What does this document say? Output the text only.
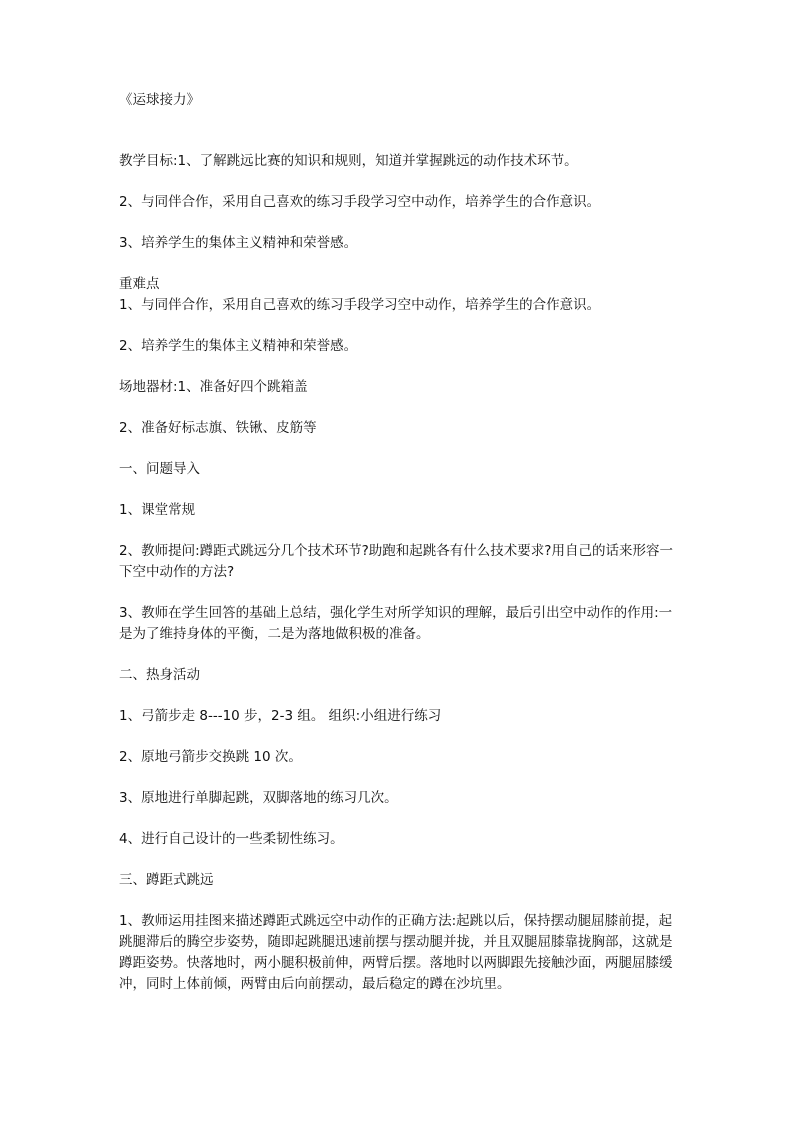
《运球接力》

教学目标:1、了解跳远比赛的知识和规则，知道并掌握跳远的动作技术环节。

2、与同伴合作，采用自己喜欢的练习手段学习空中动作，培养学生的合作意识。

3、培养学生的集体主义精神和荣誉感。

重难点

1、与同伴合作，采用自己喜欢的练习手段学习空中动作，培养学生的合作意识。

2、培养学生的集体主义精神和荣誉感。

场地器材:1、准备好四个跳箱盖

2、准备好标志旗、铁锹、皮筋等

一、问题导入

1、课堂常规

2、教师提问:蹲距式跳远分几个技术环节?助跑和起跳各有什么技术要求?用自己的话来形容一下空中动作的方法?

3、教师在学生回答的基础上总结，强化学生对所学知识的理解，最后引出空中动作的作用:一是为了维持身体的平衡，二是为落地做积极的准备。

二、热身活动

1、弓箭步走 8---10 步，2-3 组。 组织:小组进行练习

2、原地弓箭步交换跳 10 次。

3、原地进行单脚起跳，双脚落地的练习几次。

4、进行自己设计的一些柔韧性练习。

三、蹲距式跳远

1、教师运用挂图来描述蹲距式跳远空中动作的正确方法:起跳以后，保持摆动腿屈膝前提，起跳腿滞后的腾空步姿势，随即起跳腿迅速前摆与摆动腿并拢，并且双腿屈膝靠拢胸部，这就是蹲距姿势。快落地时，两小腿积极前伸，两臂后摆。落地时以两脚跟先接触沙面，两腿屈膝缓冲，同时上体前倾，两臂由后向前摆动，最后稳定的蹲在沙坑里。
